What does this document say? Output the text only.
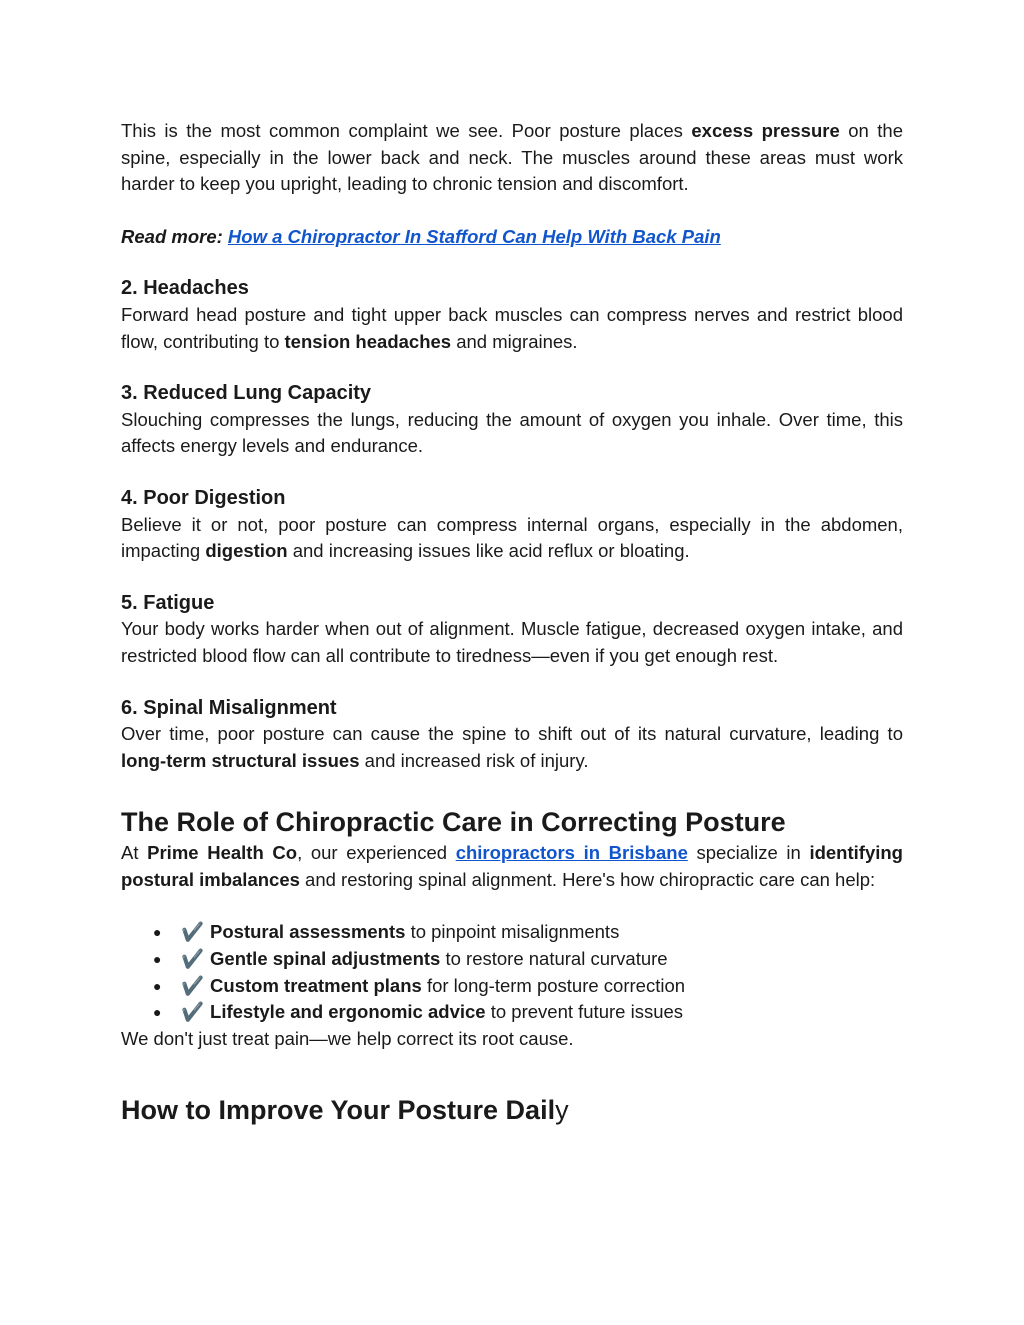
This is the most common complaint we see. Poor posture places excess pressure on the spine, especially in the lower back and neck. The muscles around these areas must work harder to keep you upright, leading to chronic tension and discomfort.

Read more: How a Chiropractor In Stafford Can Help With Back Pain

2. Headaches

Forward head posture and tight upper back muscles can compress nerves and restrict blood flow, contributing to tension headaches and migraines.

3. Reduced Lung Capacity

Slouching compresses the lungs, reducing the amount of oxygen you inhale. Over time, this affects energy levels and endurance.

4. Poor Digestion

Believe it or not, poor posture can compress internal organs, especially in the abdomen, impacting digestion and increasing issues like acid reflux or bloating.

5. Fatigue

Your body works harder when out of alignment. Muscle fatigue, decreased oxygen intake, and restricted blood flow can all contribute to tiredness—even if you get enough rest.

6. Spinal Misalignment

Over time, poor posture can cause the spine to shift out of its natural curvature, leading to long-term structural issues and increased risk of injury.

The Role of Chiropractic Care in Correcting Posture

At Prime Health Co, our experienced chiropractors in Brisbane specialize in identifying postural imbalances and restoring spinal alignment. Here's how chiropractic care can help:

● ✔️ Postural assessments to pinpoint misalignments
● ✔️ Gentle spinal adjustments to restore natural curvature
● ✔️ Custom treatment plans for long-term posture correction
● ✔️ Lifestyle and ergonomic advice to prevent future issues

We don't just treat pain—we help correct its root cause.

How to Improve Your Posture Daily
